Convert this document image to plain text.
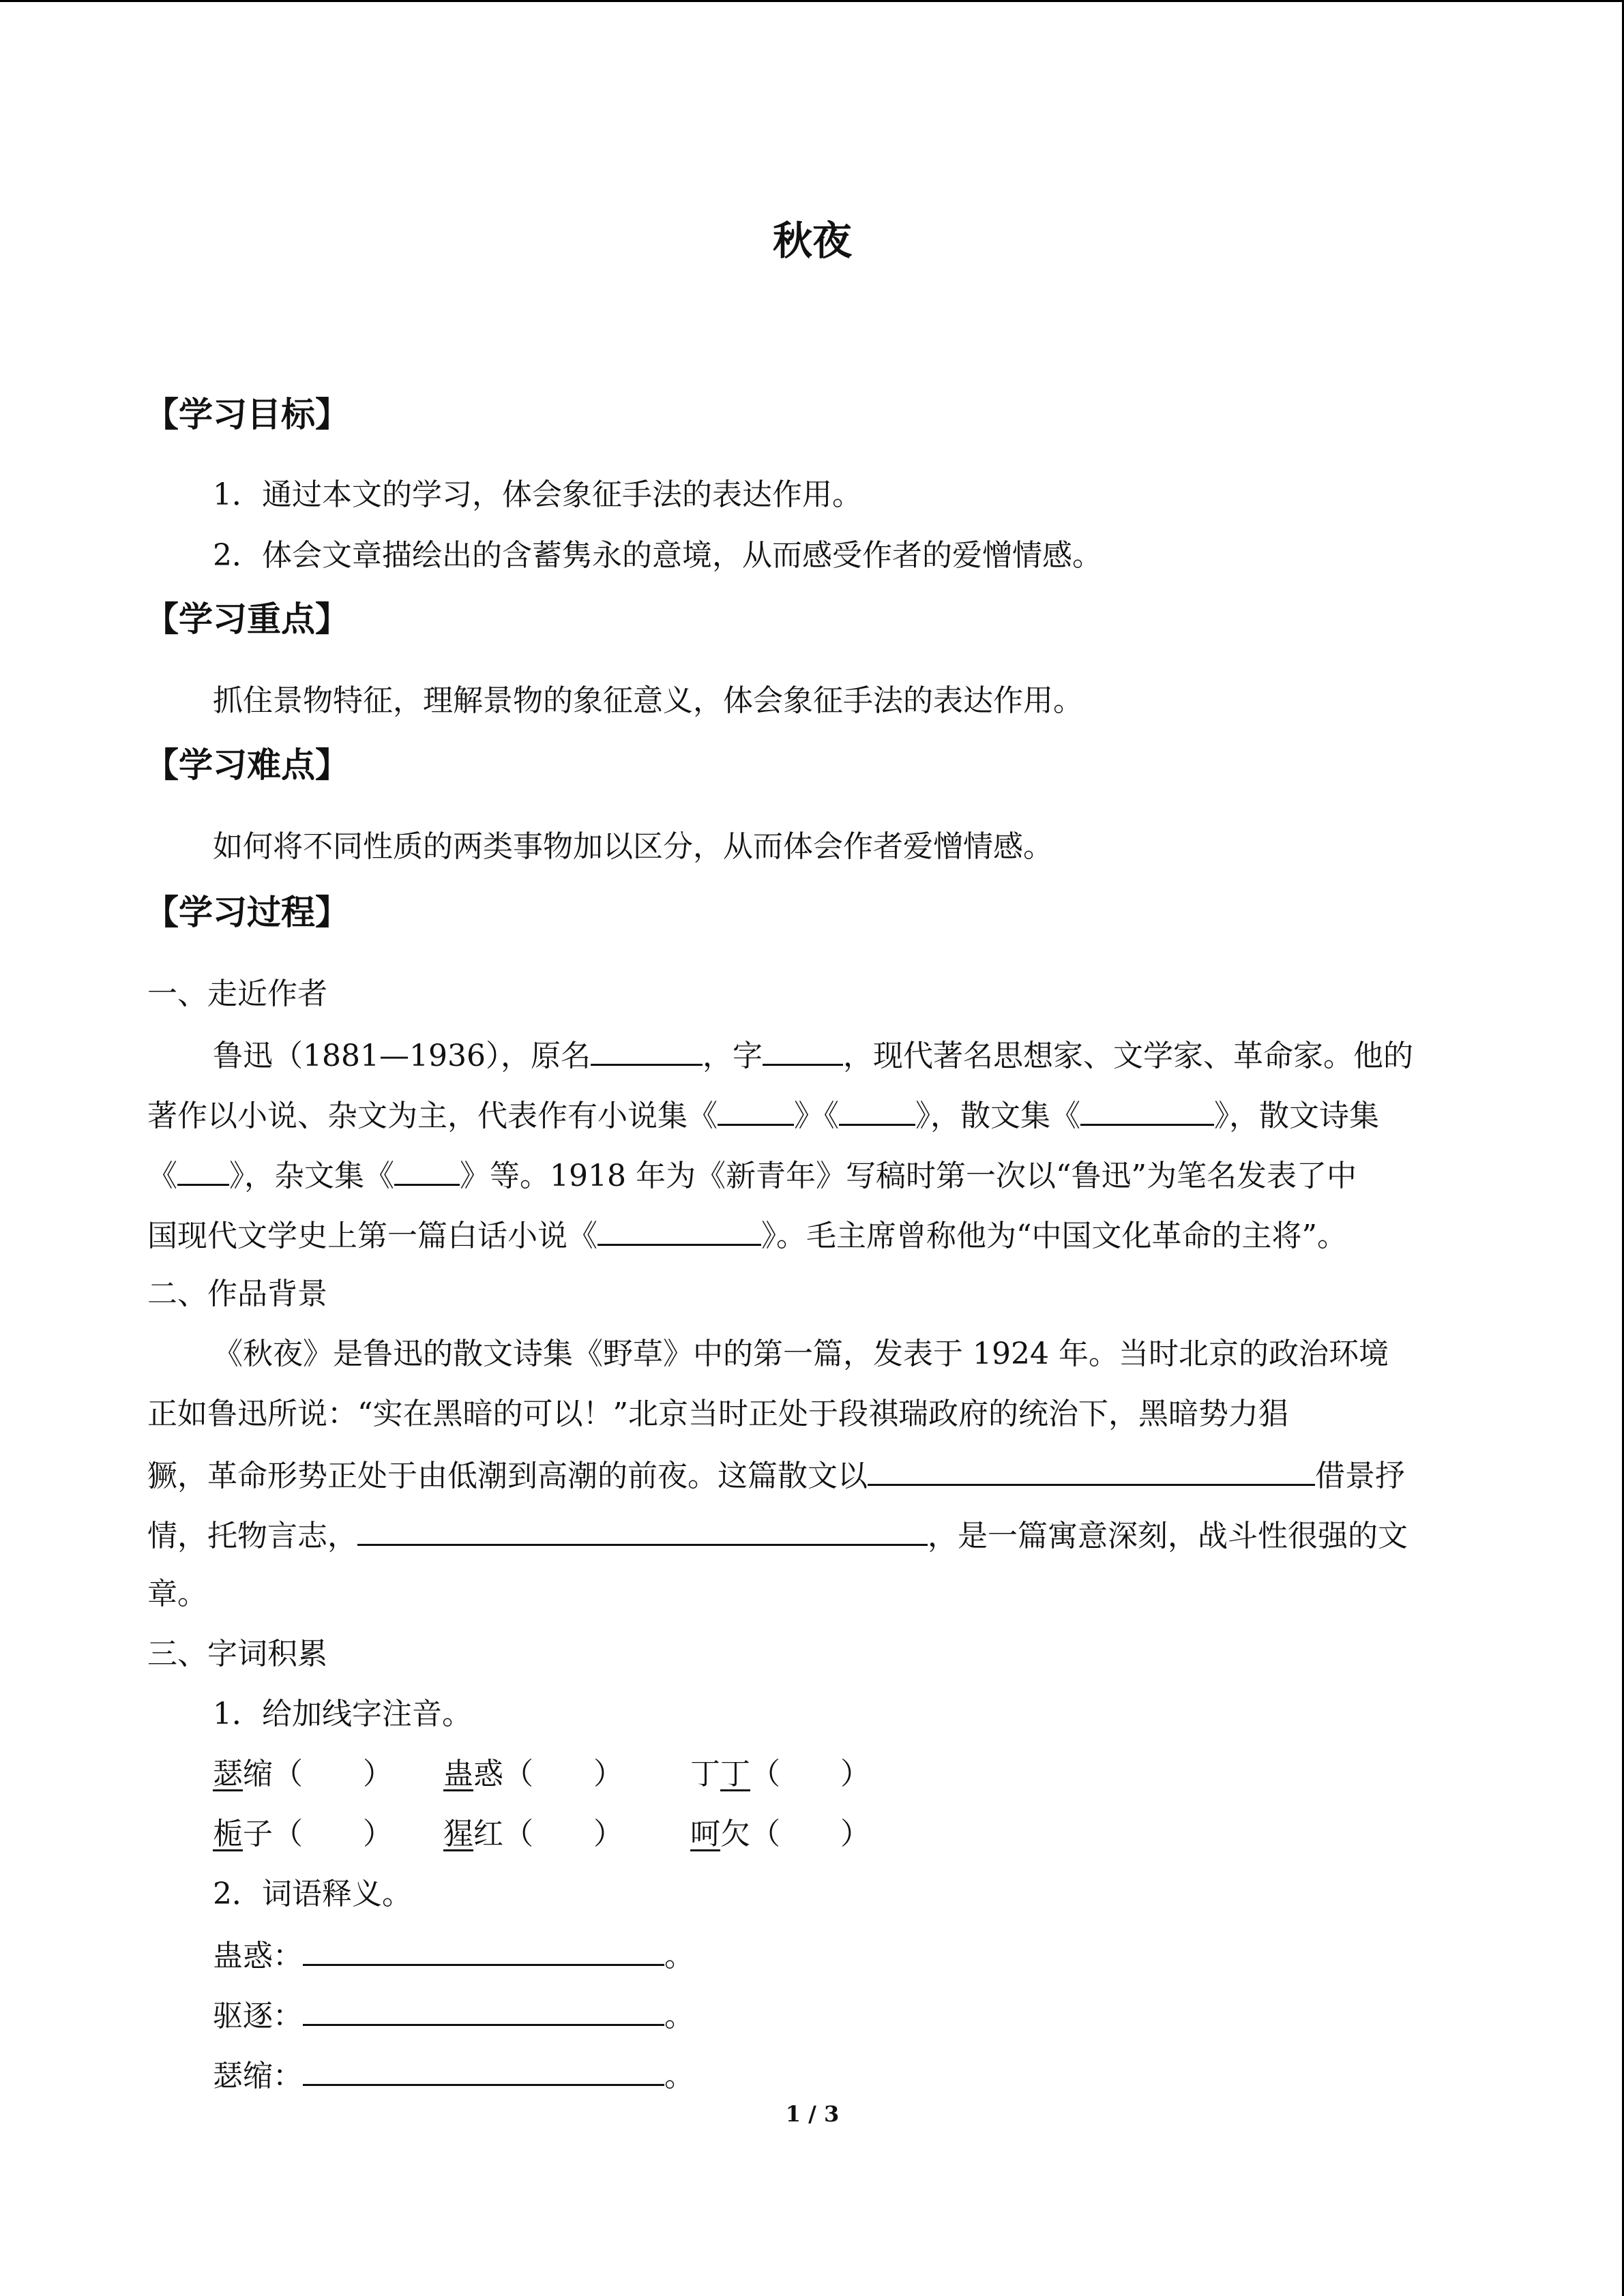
秋夜
【学习目标】
1．通过本文的学习，体会象征手法的表达作用。
2．体会文章描绘出的含蓄隽永的意境，从而感受作者的爱憎情感。
【学习重点】
抓住景物特征，理解景物的象征意义，体会象征手法的表达作用。
【学习难点】
如何将不同性质的两类事物加以区分，从而体会作者爱憎情感。
【学习过程】
一、走近作者
鲁迅（1881—1936），原名	，字	，现代著名思想家、文学家、革命家。他的
著作以小说、杂文为主，代表作有小说集《	》《	》，散文集《	》，散文诗集
《 》，杂文集《 》等。1918 年为《新青年》写稿时第一次以“鲁迅”为笔名发表了中
国现代文学史上第一篇白话小说《	》。毛主席曾称他为“中国文化革命的主将”。
二、作品背景
《秋夜》是鲁迅的散文诗集《野草》中的第一篇，发表于 1924 年。当时北京的政治环境
正如鲁迅所说：“实在黑暗的可以！”北京当时正处于段祺瑞政府的统治下，黑暗势力猖
獗，革命形势正处于由低潮到高潮的前夜。这篇散文以	借景抒
情，托物言志，	，是一篇寓意深刻，战斗性很强的文
章。
三、字词积累
1．给加线字注音。
瑟缩（　　） 蛊惑（　　） 丁丁（　　）
栀子（　　） 猩红（　　） 呵欠（　　）
2．词语释义。
蛊惑：	。
驱逐：	。
瑟缩：	。
1 / 3
